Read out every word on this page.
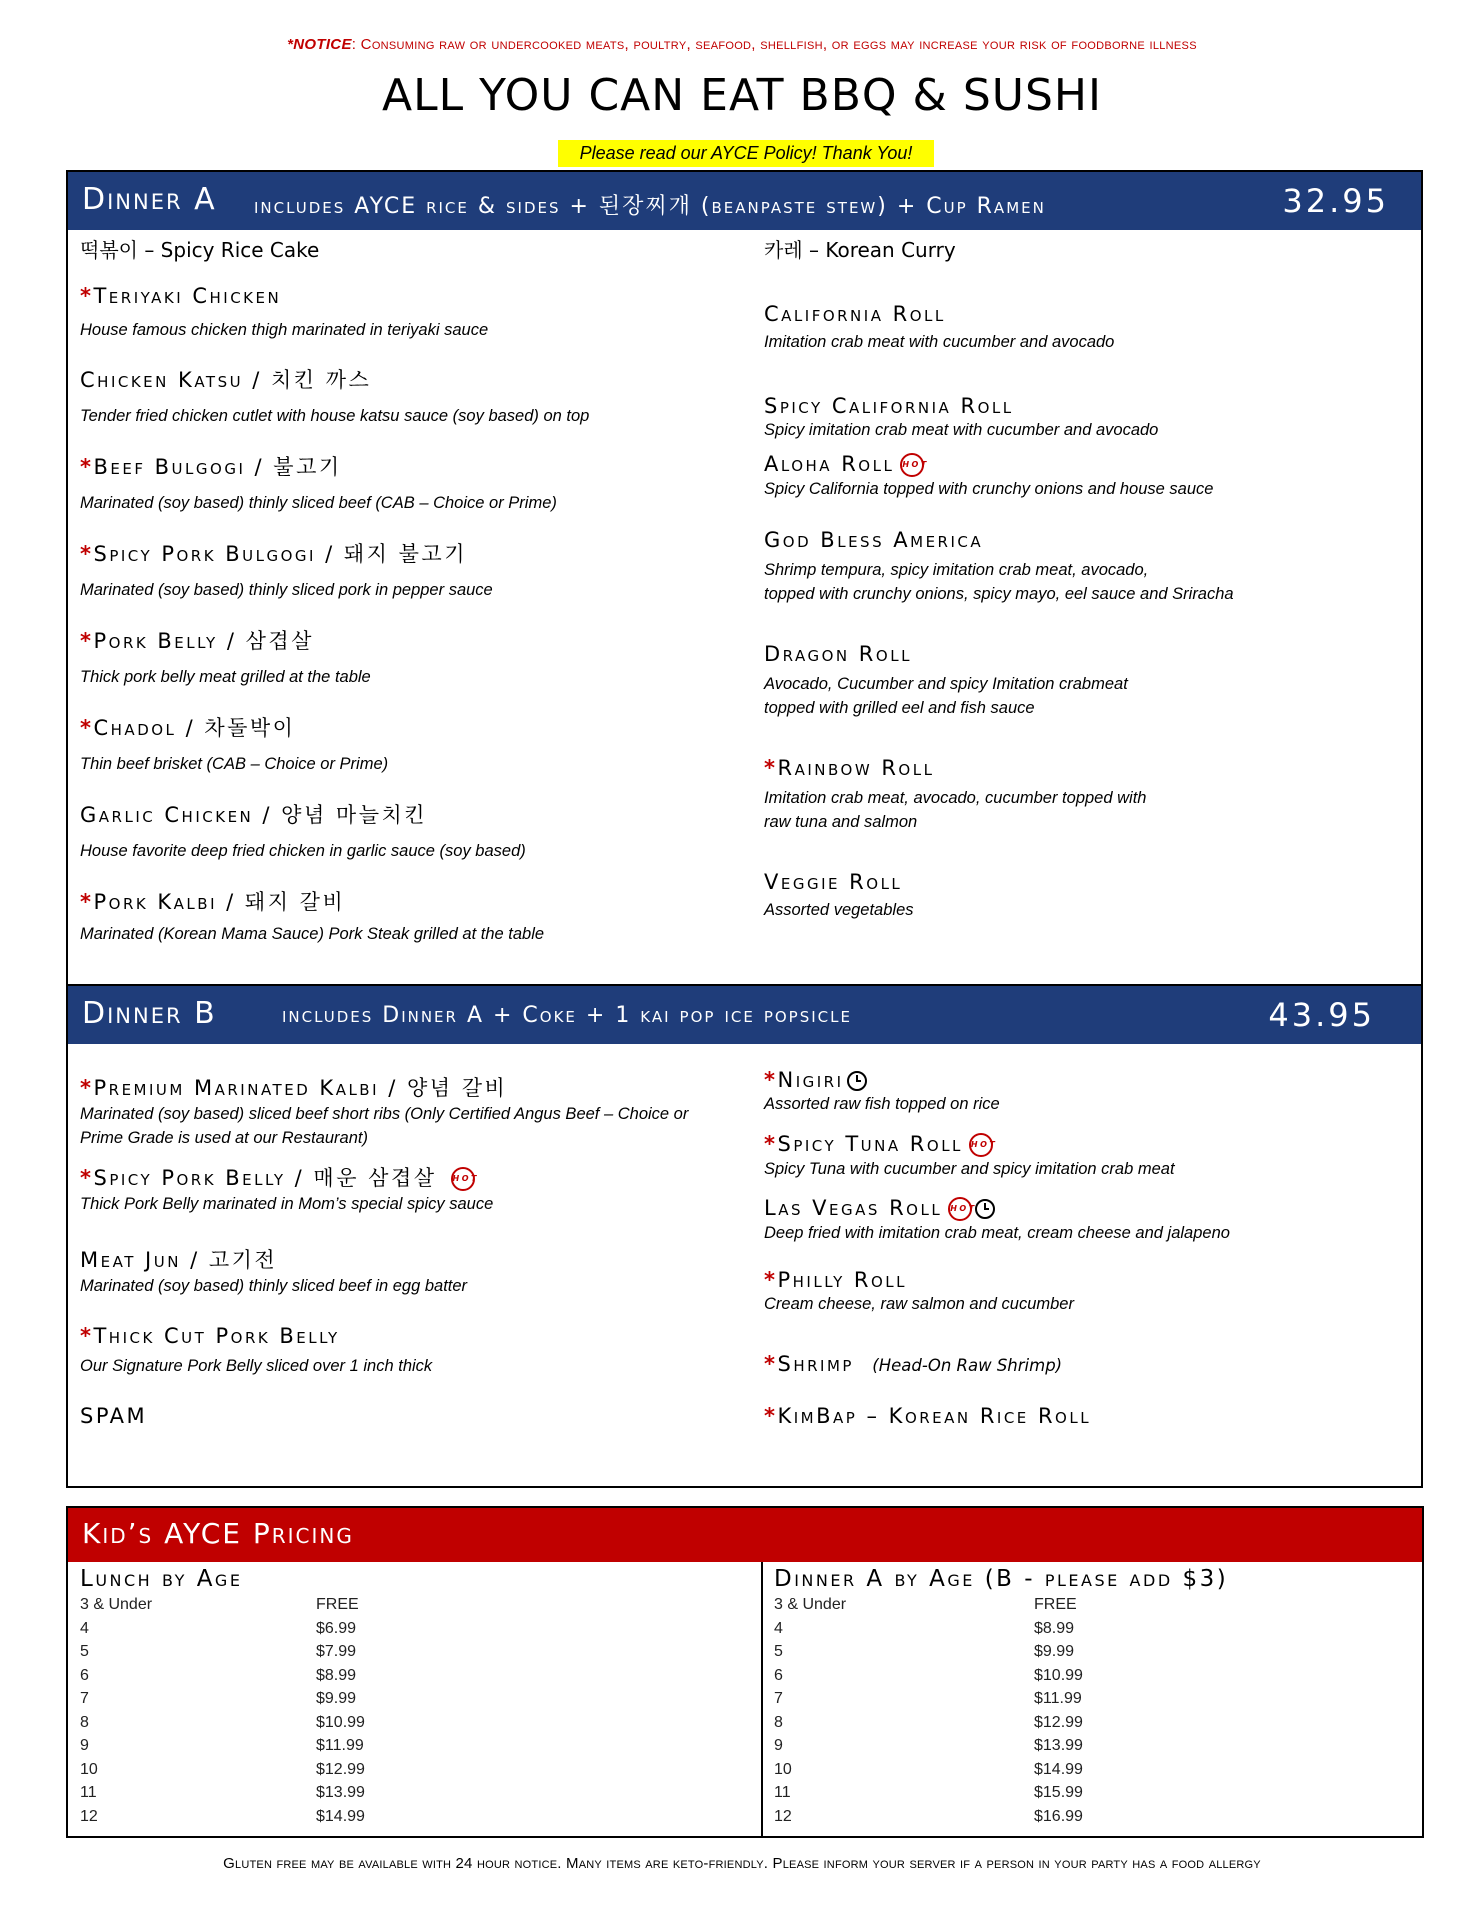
*NOTICE: Consuming raw or undercooked meats, poultry, seafood, shellfish, or eggs may increase your risk of foodborne illness
ALL YOU CAN EAT BBQ & SUSHI
Please read our AYCE Policy! Thank You!
Dinner A includes AYCE rice & sides + 된장찌개 (beanpaste stew) + Cup Ramen	32.95
떡볶이 – Spicy Rice Cake
*Teriyaki Chicken
House famous chicken thigh marinated in teriyaki sauce
Chicken Katsu / 치킨 까스
Tender fried chicken cutlet with house katsu sauce (soy based) on top
*Beef Bulgogi / 불고기
Marinated (soy based) thinly sliced beef (CAB – Choice or Prime)
*Spicy Pork Bulgogi / 돼지 불고기
Marinated (soy based) thinly sliced pork in pepper sauce
*Pork Belly / 삼겹살
Thick pork belly meat grilled at the table
*Chadol / 차돌박이
Thin beef brisket (CAB – Choice or Prime)
Garlic Chicken / 양념 마늘치킨
House favorite deep fried chicken in garlic sauce (soy based)
*Pork Kalbi / 돼지 갈비
Marinated (Korean Mama Sauce) Pork Steak grilled at the table
카레 – Korean Curry
California Roll
Imitation crab meat with cucumber and avocado
Spicy California Roll
Spicy imitation crab meat with cucumber and avocado
Aloha Roll HOT
Spicy California topped with crunchy onions and house sauce
God Bless America
Shrimp tempura, spicy imitation crab meat, avocado,
topped with crunchy onions, spicy mayo, eel sauce and Sriracha
Dragon Roll
Avocado, Cucumber and spicy Imitation crabmeat
topped with grilled eel and fish sauce
*Rainbow Roll
Imitation crab meat, avocado, cucumber topped with
raw tuna and salmon
Veggie Roll
Assorted vegetables
Dinner B	includes Dinner A + Coke + 1 kai pop ice popsicle	43.95
*Premium Marinated Kalbi / 양념 갈비
Marinated (soy based) sliced beef short ribs (Only Certified Angus Beef – Choice or
Prime Grade is used at our Restaurant)
*Spicy Pork Belly / 매운 삼겹살 HOT
Thick Pork Belly marinated in Mom’s special spicy sauce
Meat Jun / 고기전
Marinated (soy based) thinly sliced beef in egg batter
*Thick Cut Pork Belly
Our Signature Pork Belly sliced over 1 inch thick
SPAM
*Nigiri
Assorted raw fish topped on rice
*Spicy Tuna Roll HOT
Spicy Tuna with cucumber and spicy imitation crab meat
Las Vegas Roll HOT
Deep fried with imitation crab meat, cream cheese and jalapeno
*Philly Roll
Cream cheese, raw salmon and cucumber
*Shrimp (Head-On Raw Shrimp)
*KimBap – Korean Rice Roll
Kid’s AYCE Pricing
Lunch by Age
3 & Under	FREE
4	$6.99
5	$7.99
6	$8.99
7	$9.99
8	$10.99
9	$11.99
10	$12.99
11	$13.99
12	$14.99
Dinner A by Age (B - please add $3)
3 & Under	FREE
4	$8.99
5	$9.99
6	$10.99
7	$11.99
8	$12.99
9	$13.99
10	$14.99
11	$15.99
12	$16.99
Gluten free may be available with 24 hour notice. Many items are keto-friendly. Please inform your server if a person in your party has a food allergy
